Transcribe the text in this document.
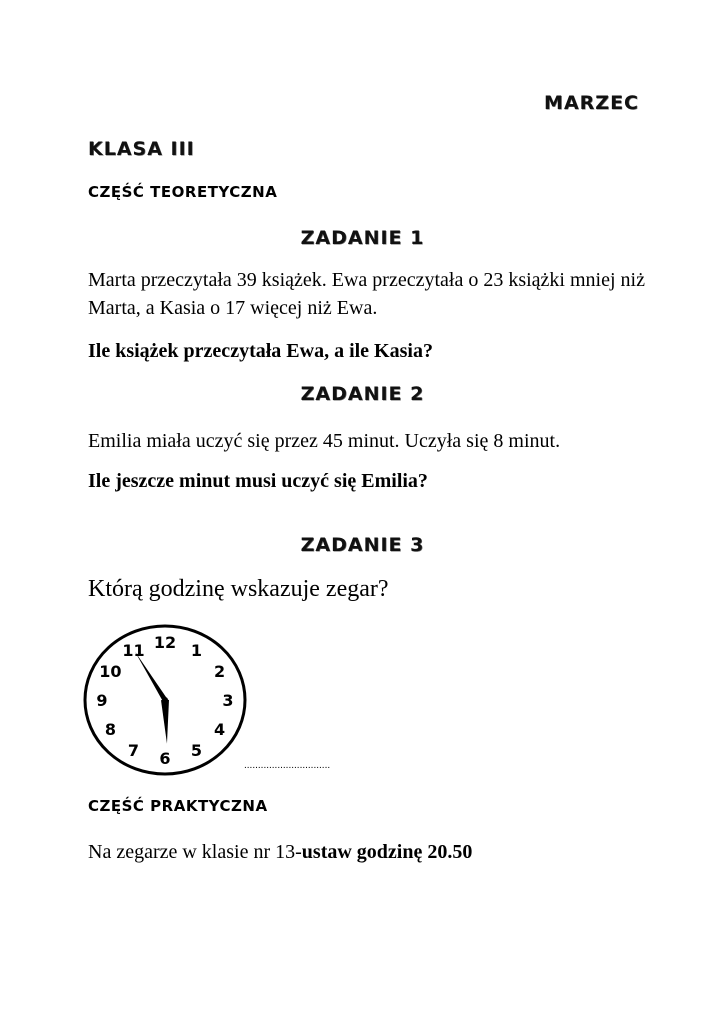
MARZEC
KLASA III
CZĘŚĆ TEORETYCZNA
ZADANIE 1
Marta przeczytała 39 książek. Ewa przeczytała o 23 książki mniej niż Marta, a Kasia o 17 więcej niż Ewa.
Ile książek przeczytała Ewa, a ile Kasia?
ZADANIE 2
Emilia miała uczyć się przez 45 minut. Uczyła się 8 minut.
Ile jeszcze minut musi uczyć się Emilia?
ZADANIE 3
Którą godzinę wskazuje zegar?
12 1
2
3
4
5
6
7
8
9
10
11
...............................
CZĘŚĆ PRAKTYCZNA
Na zegarze w klasie nr 13-ustaw godzinę 20.50
